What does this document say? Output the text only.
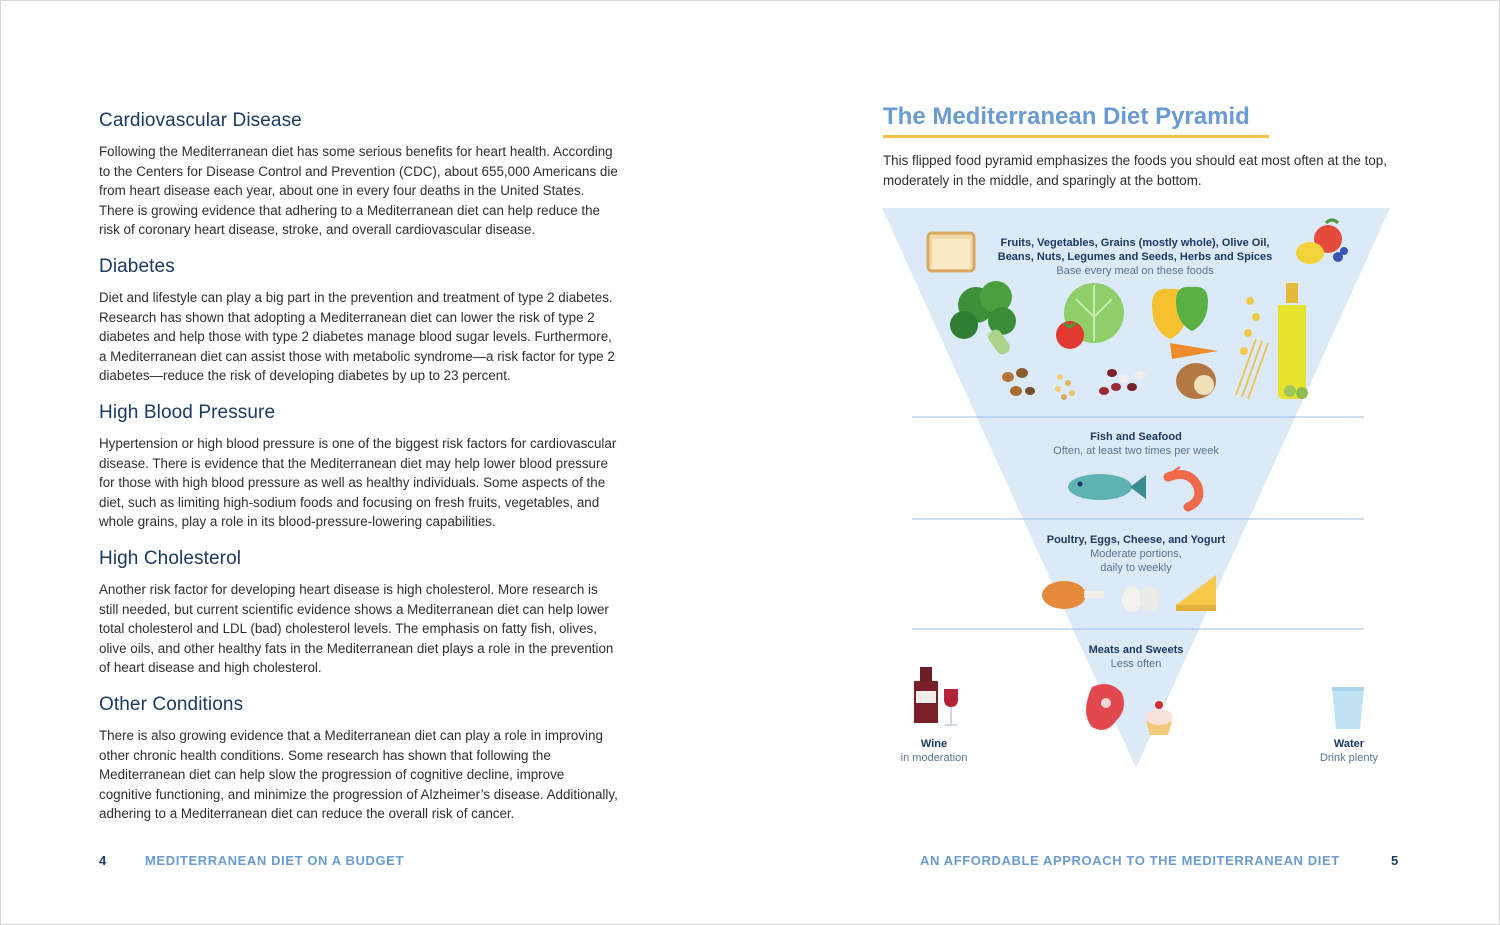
Cardiovascular Disease

Following the Mediterranean diet has some serious benefits for heart health. According to the Centers for Disease Control and Prevention (CDC), about 655,000 Americans die from heart disease each year, about one in every four deaths in the United States. There is growing evidence that adhering to a Mediterranean diet can help reduce the risk of coronary heart disease, stroke, and overall cardiovascular disease.

Diabetes

Diet and lifestyle can play a big part in the prevention and treatment of type 2 diabetes. Research has shown that adopting a Mediterranean diet can lower the risk of type 2 diabetes and help those with type 2 diabetes manage blood sugar levels. Furthermore, a Mediterranean diet can assist those with metabolic syndrome—a risk factor for type 2 diabetes—reduce the risk of developing diabetes by up to 23 percent.

High Blood Pressure

Hypertension or high blood pressure is one of the biggest risk factors for cardiovascular disease. There is evidence that the Mediterranean diet may help lower blood pressure for those with high blood pressure as well as healthy individuals. Some aspects of the diet, such as limiting high-sodium foods and focusing on fresh fruits, vegetables, and whole grains, play a role in its blood-pressure-lowering capabilities.

High Cholesterol

Another risk factor for developing heart disease is high cholesterol. More research is still needed, but current scientific evidence shows a Mediterranean diet can help lower total cholesterol and LDL (bad) cholesterol levels. The emphasis on fatty fish, olives, olive oils, and other healthy fats in the Mediterranean diet plays a role in the prevention of heart disease and high cholesterol.

Other Conditions

There is also growing evidence that a Mediterranean diet can play a role in improving other chronic health conditions. Some research has shown that following the Mediterranean diet can help slow the progression of cognitive decline, improve cognitive functioning, and minimize the progression of Alzheimer’s disease. Additionally, adhering to a Mediterranean diet can reduce the overall risk of cancer.

4	MEDITERRANEAN DIET ON A BUDGET
The Mediterranean Diet Pyramid
This flipped food pyramid emphasizes the foods you should eat most often at the top, moderately in the middle, and sparingly at the bottom.
Fruits, Vegetables, Grains (mostly whole), Olive Oil,
Beans, Nuts, Legumes and Seeds, Herbs and Spices
Base every meal on these foods
Fish and Seafood
Often, at least two times per week
Poultry, Eggs, Cheese, and Yogurt
Moderate portions,
daily to weekly
Meats and Sweets
Less often
Wine
in moderation
Water
Drink plenty
AN AFFORDABLE APPROACH TO THE MEDITERRANEAN DIET	5
